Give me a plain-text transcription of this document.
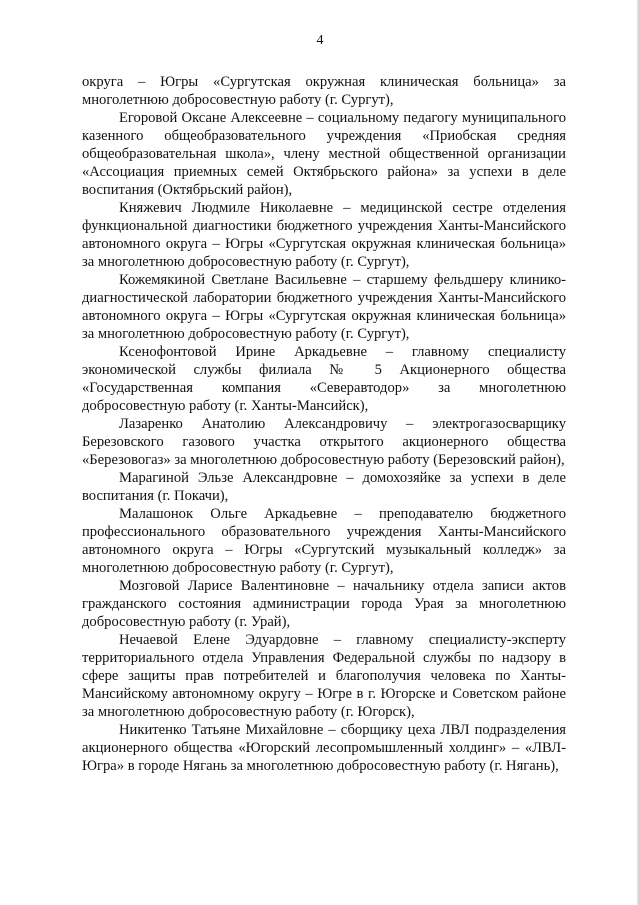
4

округа – Югры «Сургутская окружная клиническая больница» за многолетнюю добросовестную работу (г. Сургут),

Егоровой Оксане Алексеевне – социальному педагогу муниципального казенного общеобразовательного учреждения «Приобская средняя общеобразовательная школа», члену местной общественной организации «Ассоциация приемных семей Октябрьского района» за успехи в деле воспитания (Октябрьский район),

Княжевич Людмиле Николаевне – медицинской сестре отделения функциональной диагностики бюджетного учреждения Ханты-Мансийского автономного округа – Югры «Сургутская окружная клиническая больница» за многолетнюю добросовестную работу (г. Сургут),

Кожемякиной Светлане Васильевне – старшему фельдшеру клинико-диагностической лаборатории бюджетного учреждения Ханты-Мансийского автономного округа – Югры «Сургутская окружная клиническая больница» за многолетнюю добросовестную работу (г. Сургут),

Ксенофонтовой Ирине Аркадьевне – главному специалисту экономической службы филиала № 5 Акционерного общества «Государственная компания «Северавтодор» за многолетнюю добросовестную работу (г. Ханты-Мансийск),

Лазаренко Анатолию Александровичу – электрогазосварщику Березовского газового участка открытого акционерного общества «Березовогаз» за многолетнюю добросовестную работу (Березовский район),

Марагиной Эльзе Александровне – домохозяйке за успехи в деле воспитания (г. Покачи),

Малашонок Ольге Аркадьевне – преподавателю бюджетного профессионального образовательного учреждения Ханты-Мансийского автономного округа – Югры «Сургутский музыкальный колледж» за многолетнюю добросовестную работу (г. Сургут),

Мозговой Ларисе Валентиновне – начальнику отдела записи актов гражданского состояния администрации города Урая за многолетнюю добросовестную работу (г. Урай),

Нечаевой Елене Эдуардовне – главному специалисту-эксперту территориального отдела Управления Федеральной службы по надзору в сфере защиты прав потребителей и благополучия человека по Ханты-Мансийскому автономному округу – Югре в г. Югорске и Советском районе за многолетнюю добросовестную работу (г. Югорск),

Никитенко Татьяне Михайловне – сборщику цеха ЛВЛ подразделения акционерного общества «Югорский лесопромышленный холдинг» – «ЛВЛ-Югра» в городе Нягань за многолетнюю добросовестную работу (г. Нягань),
